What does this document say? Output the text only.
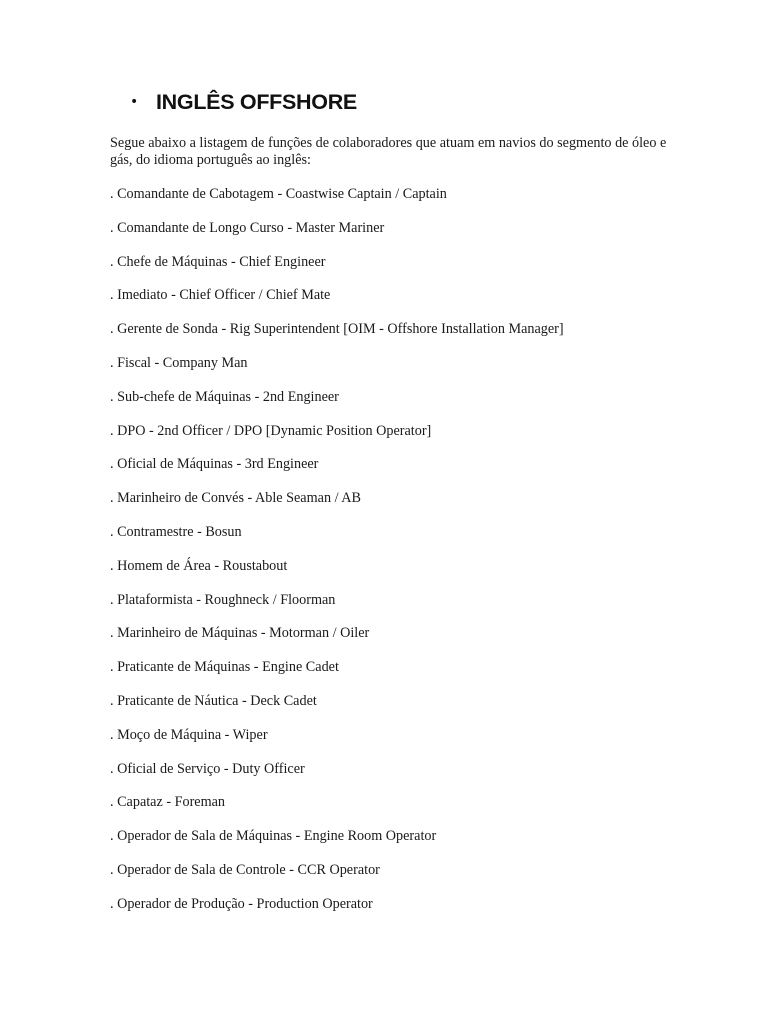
• INGLÊS OFFSHORE

Segue abaixo a listagem de funções de colaboradores que atuam em navios do segmento de óleo e gás, do idioma português ao inglês:

. Comandante de Cabotagem - Coastwise Captain / Captain
. Comandante de Longo Curso - Master Mariner
. Chefe de Máquinas - Chief Engineer
. Imediato - Chief Officer / Chief Mate
. Gerente de Sonda - Rig Superintendent [OIM - Offshore Installation Manager]
. Fiscal - Company Man
. Sub-chefe de Máquinas - 2nd Engineer
. DPO - 2nd Officer / DPO [Dynamic Position Operator]
. Oficial de Máquinas - 3rd Engineer
. Marinheiro de Convés - Able Seaman / AB
. Contramestre - Bosun
. Homem de Área - Roustabout
. Plataformista - Roughneck / Floorman
. Marinheiro de Máquinas - Motorman / Oiler
. Praticante de Máquinas - Engine Cadet
. Praticante de Náutica - Deck Cadet
. Moço de Máquina - Wiper
. Oficial de Serviço - Duty Officer
. Capataz - Foreman
. Operador de Sala de Máquinas - Engine Room Operator
. Operador de Sala de Controle - CCR Operator
. Operador de Produção - Production Operator
